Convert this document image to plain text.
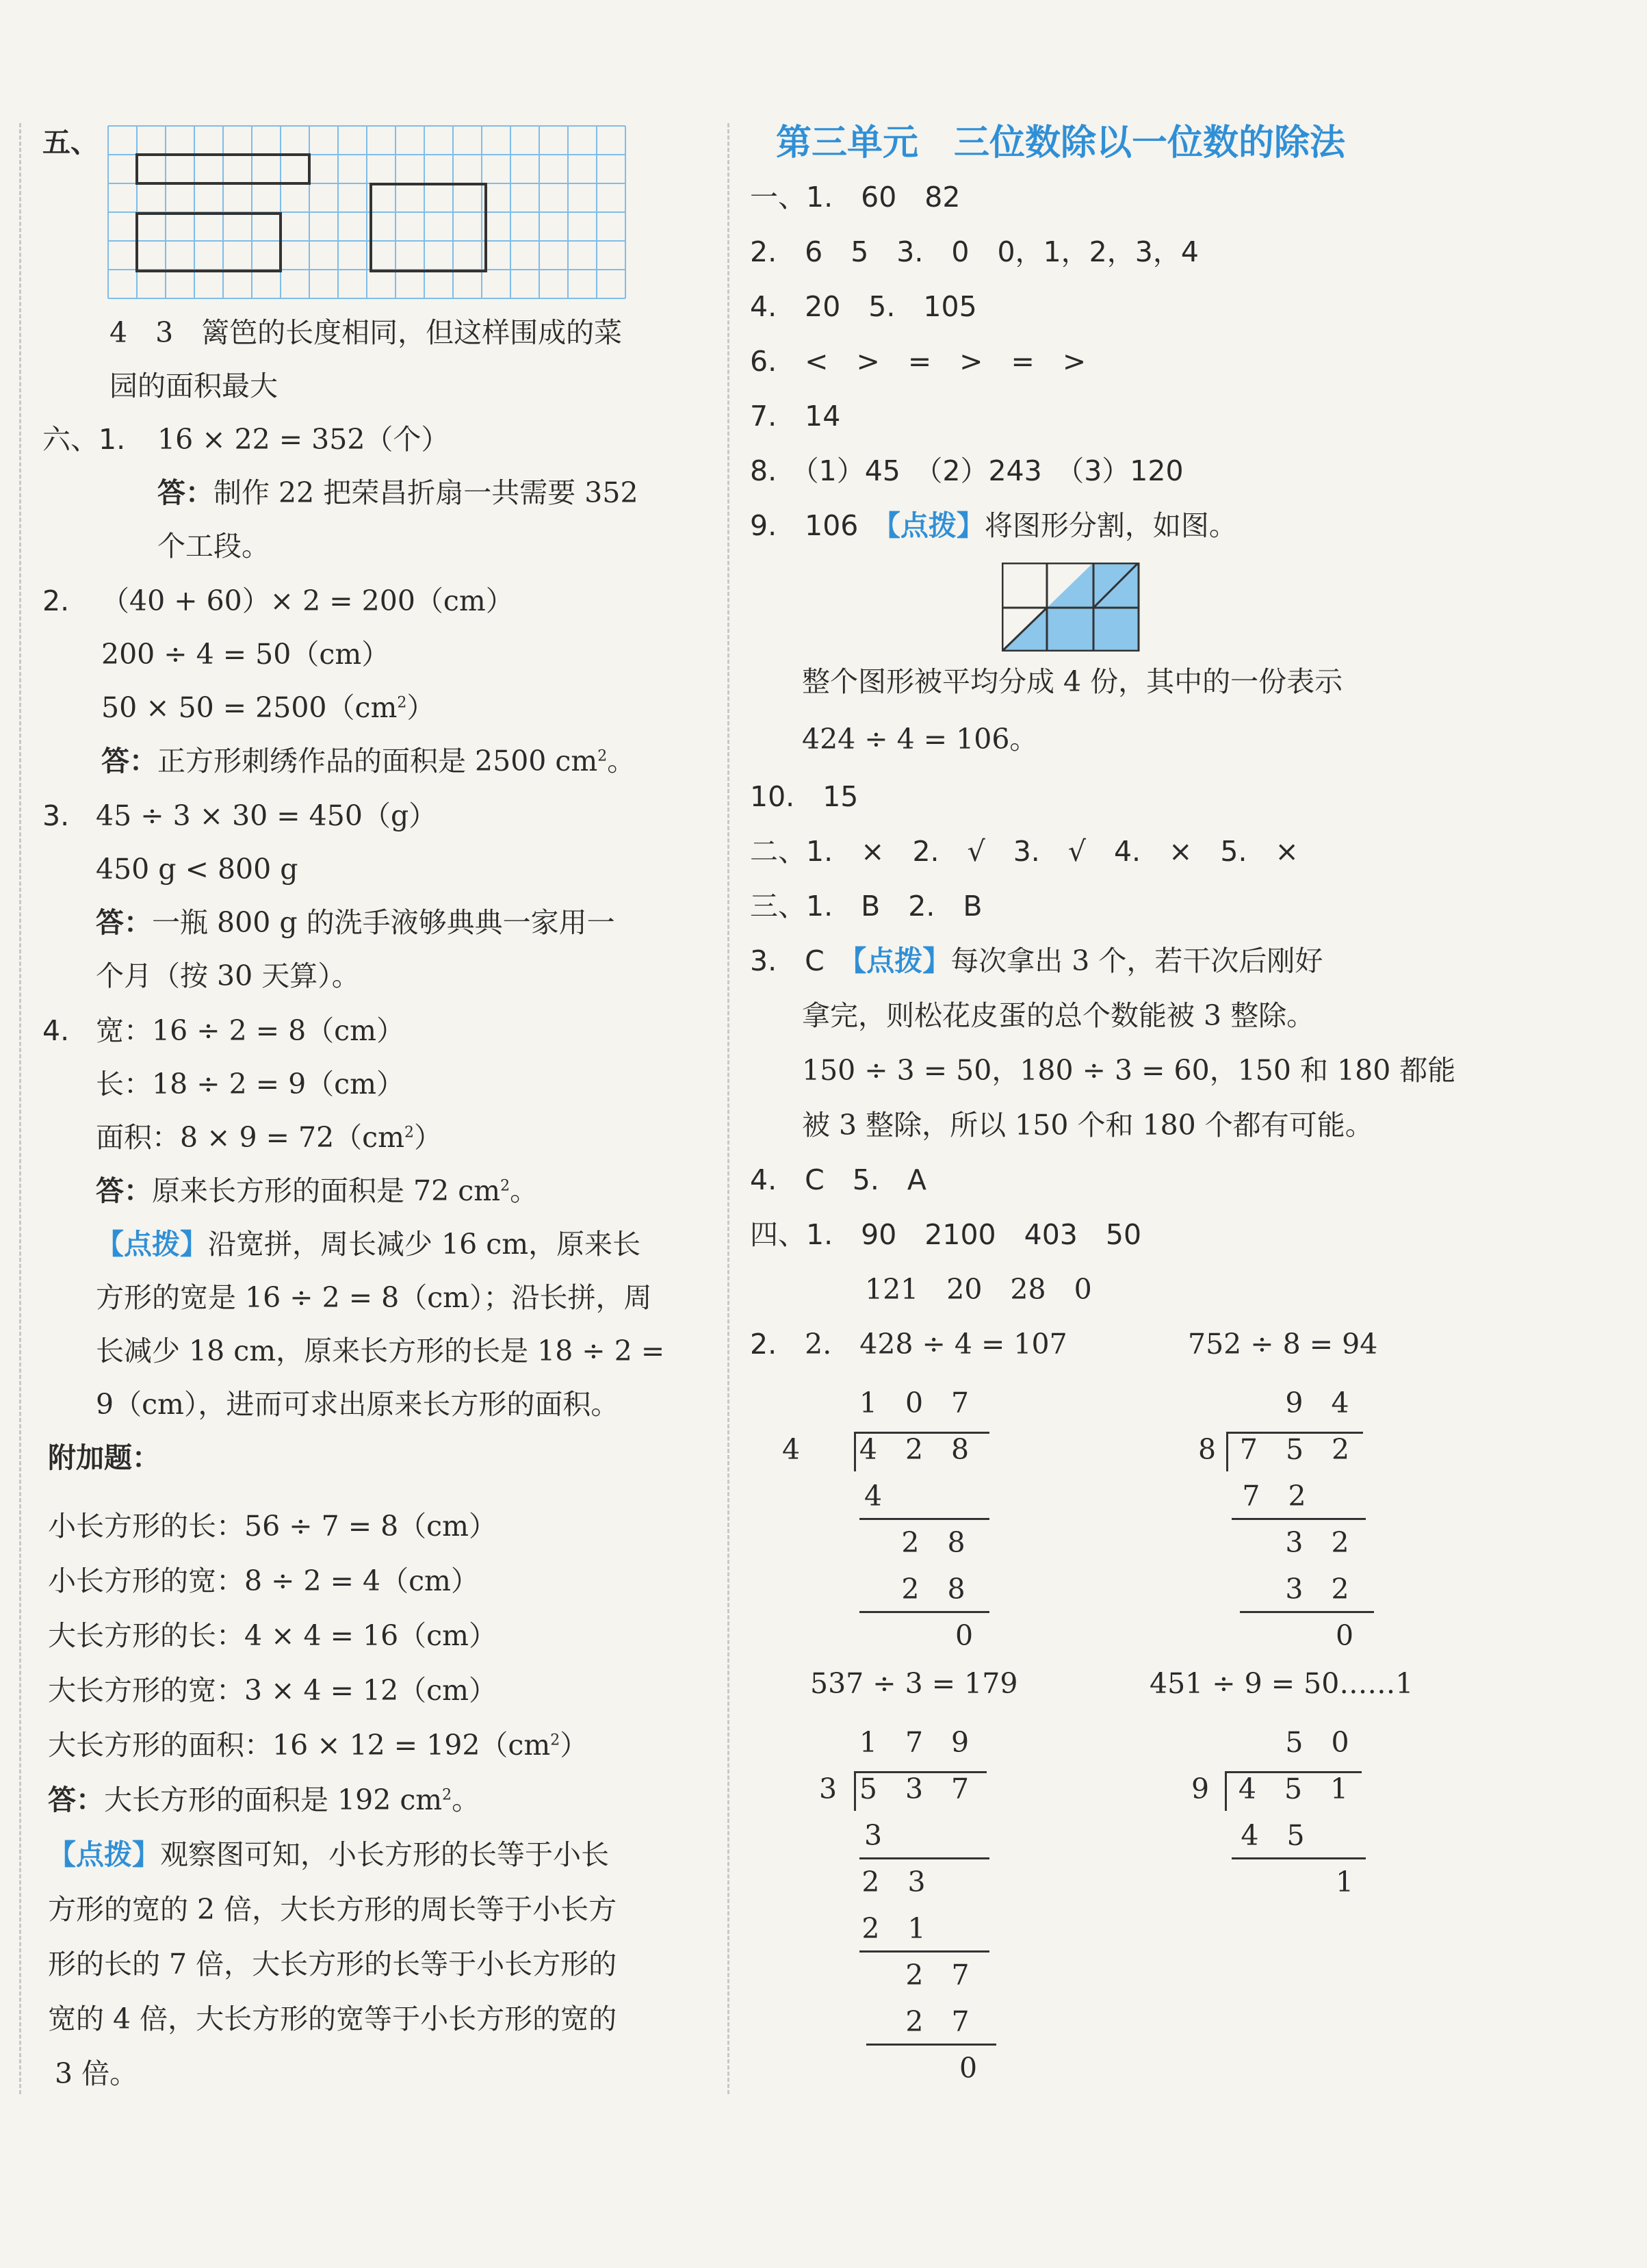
五、
4　3　篱笆的长度相同，但这样围成的菜
园的面积最大
六、1. 16 × 22 = 352（个）
答：制作 22 把荣昌折扇一共需要 352
个工段。
2. （40 + 60）× 2 = 200（cm）
200 ÷ 4 = 50（cm）
$50 \times 50 = 2500(cm^2)$
答：正方形刺绣作品的面积是 2500 $cm^2$。
3. 45 ÷ 3 × 30 = 450（g）
450 g < 800 g
答：一瓶 800 g 的洗手液够典典一家用一
个月（按 30 天算）。
4. 宽：16 ÷ 2 = 8（cm）
长：18 ÷ 2 = 9（cm）
面积：$8 \times 9 = 72(cm^2)$
答：原来长方形的面积是 72 $cm^2$。
【点拨】沿宽拼，周长减少 16 cm，原来长
方形的宽是 16 ÷ 2 = 8（cm）；沿长拼，周
长减少 18 cm，原来长方形的长是 18 ÷ 2 =
9（cm），进而可求出原来长方形的面积。
附加题：
小长方形的长：56 ÷ 7 = 8（cm）
小长方形的宽：8 ÷ 2 = 4（cm）
大长方形的长：4 × 4 = 16（cm）
大长方形的宽：3 × 4 = 12（cm）
大长方形的面积：$16 \times 12 = 192(cm^2)$
答：大长方形的面积是 192 $cm^2$。
【点拨】观察图可知，小长方形的长等于小长
方形的宽的 2 倍，大长方形的周长等于小长方
形的长的 7 倍，大长方形的长等于小长方形的
宽的 4 倍，大长方形的宽等于小长方形的宽的
3 倍。
第三单元　三位数除以一位数的除法
一、1.　60　82
2.　6　5　3.　0　0，1，2，3，4
4.　20　5.　105
6.　<　>　=　>　=　>
7.　14
8.　（1）45　（2）243　（3）120
9.　106　【点拨】将图形分割，如图。
整个图形被平均分成 4 份，其中的一份表示
424 ÷ 4 = 106。
10.　15
二、1.　×　2.　√　3.　√　4.　×　5.　×
三、1.　B　2.　B
3.　C　【点拨】每次拿出 3 个，若干次后刚好
拿完，则松花皮蛋的总个数能被 3 整除。
150 ÷ 3 = 50，180 ÷ 3 = 60，150 和 180 都能
被 3 整除，所以 150 个和 180 个都有可能。
4.　C　5.　A
四、1.　90　2100　403　50
121　20　28　0
2.　 2.　428 ÷ 4 = 107	752 ÷ 8 = 94
1　0　7
4	4　2　8
4
2　8
2　8
0
9　4
8 7　5　2
7　2
3　2
3　2
0
537 ÷ 3 = 179	451 ÷ 9 = 50……1
1　7　9
3 5　3　7
3
2　3
2　1
2　7
2　7
0
5　0
9	4　5　1
4　5
1
